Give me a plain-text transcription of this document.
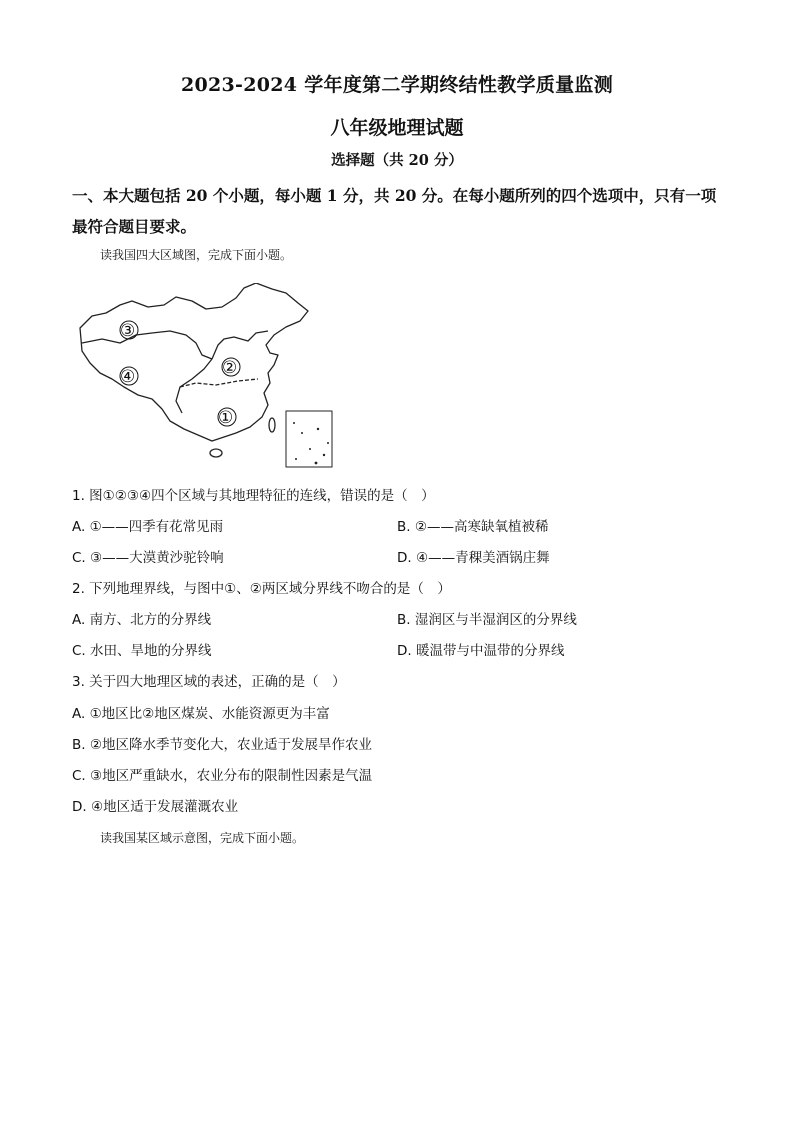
2023-2024 学年度第二学期终结性教学质量监测
八年级地理试题
选择题（共 20 分）
一、本大题包括 20 个小题，每小题 1 分，共 20 分。在每小题所列的四个选项中，只有一项最符合题目要求。
读我国四大区域图，完成下面小题。
③
④	②
①
1. 图①②③④四个区域与其地理特征的连线，错误的是（　）
A. ①——四季有花常见雨	B. ②——高寒缺氧植被稀
C. ③——大漠黄沙驼铃响	D. ④——青稞美酒锅庄舞
2. 下列地理界线，与图中①、②两区域分界线不吻合的是（　）
A. 南方、北方的分界线	B. 湿润区与半湿润区的分界线
C. 水田、旱地的分界线	D. 暖温带与中温带的分界线
3. 关于四大地理区域的表述，正确的是（　）
A. ①地区比②地区煤炭、水能资源更为丰富
B. ②地区降水季节变化大，农业适于发展旱作农业
C. ③地区严重缺水，农业分布的限制性因素是气温
D. ④地区适于发展灌溉农业
读我国某区域示意图，完成下面小题。
